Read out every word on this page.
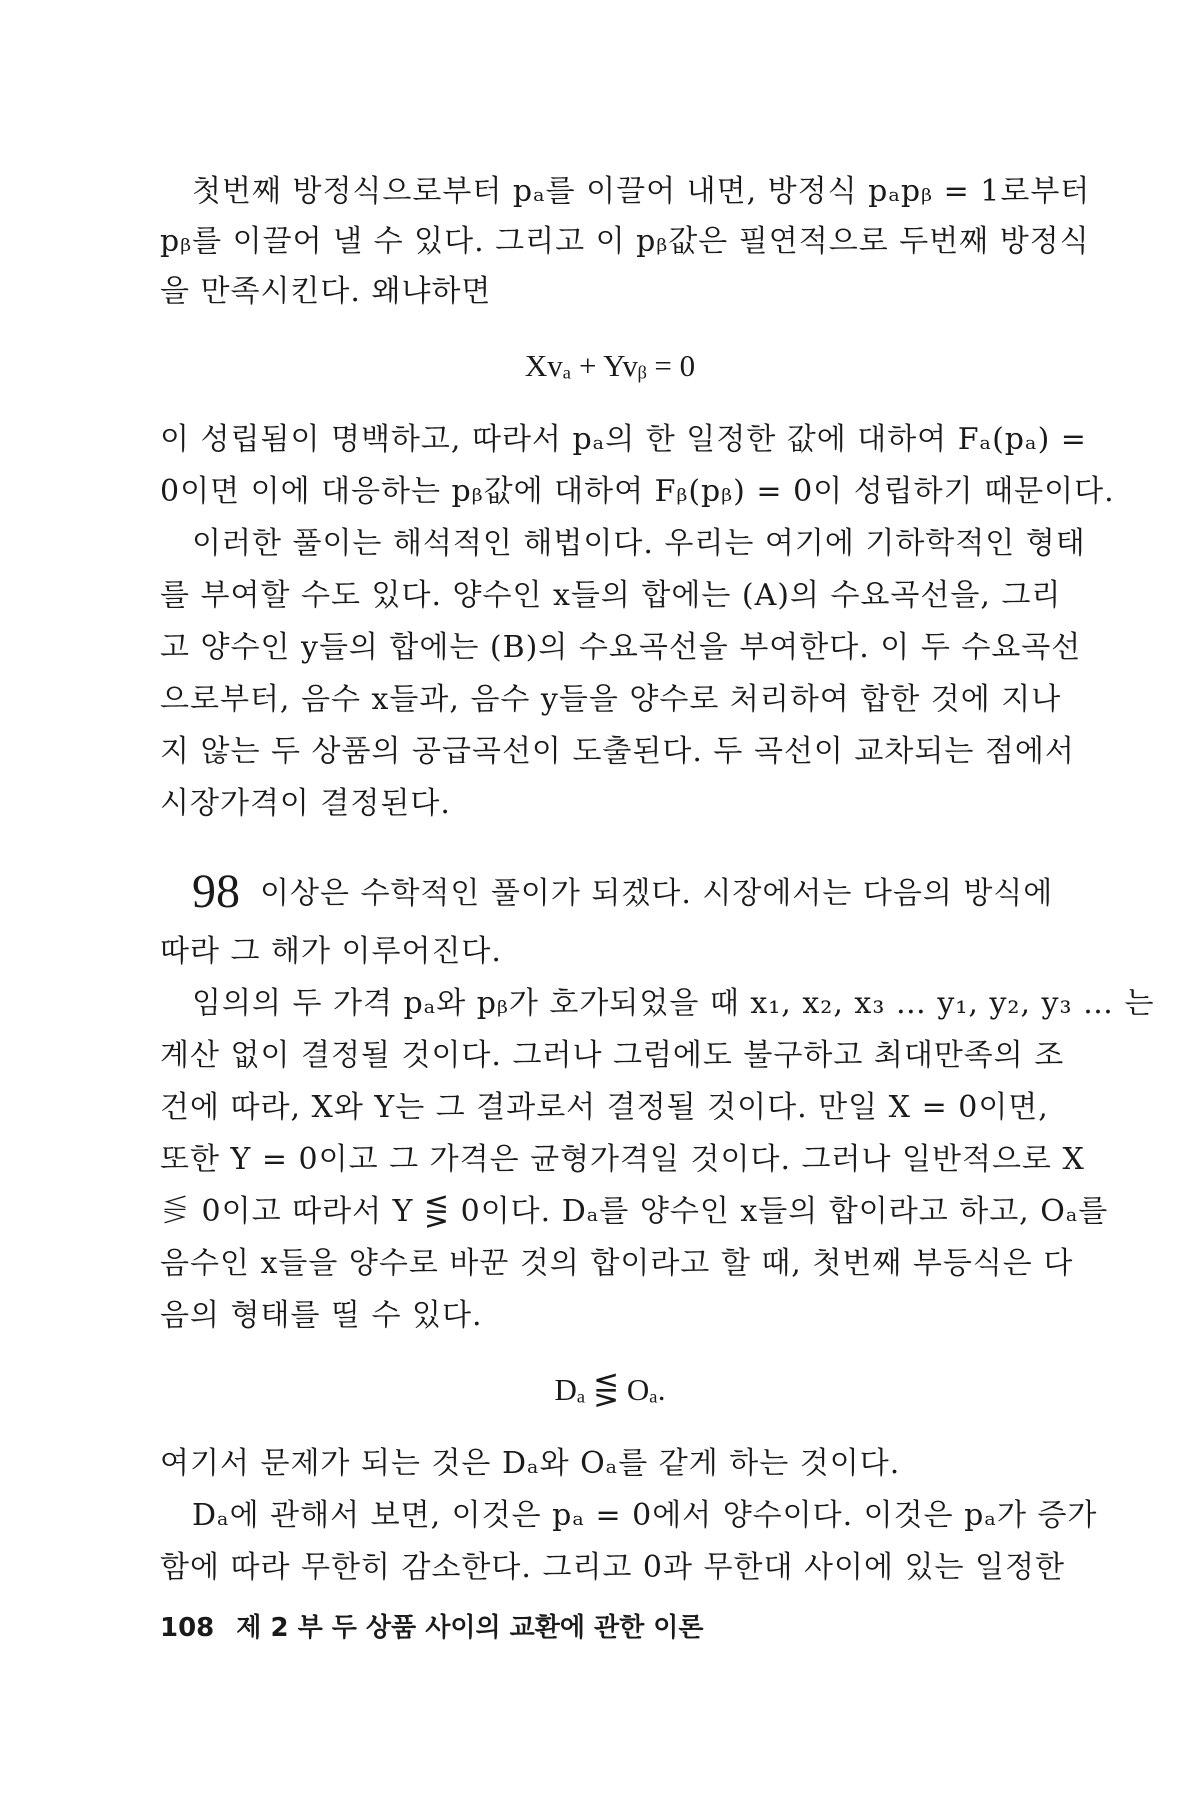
첫번째 방정식으로부터 pₐ를 이끌어 내면, 방정식 pₐpᵦ = 1로부터
pᵦ를 이끌어 낼 수 있다. 그리고 이 pᵦ값은 필연적으로 두번째 방정식
을 만족시킨다. 왜냐하면
Xvₐ + Yvᵦ = 0
이 성립됨이 명백하고, 따라서 pₐ의 한 일정한 값에 대하여 Fₐ(pₐ) =
0이면 이에 대응하는 pᵦ값에 대하여 Fᵦ(pᵦ) = 0이 성립하기 때문이다.
이러한 풀이는 해석적인 해법이다. 우리는 여기에 기하학적인 형태
를 부여할 수도 있다. 양수인 x들의 합에는 (A)의 수요곡선을, 그리
고 양수인 y들의 합에는 (B)의 수요곡선을 부여한다. 이 두 수요곡선
으로부터, 음수 x들과, 음수 y들을 양수로 처리하여 합한 것에 지나
지 않는 두 상품의 공급곡선이 도출된다. 두 곡선이 교차되는 점에서
시장가격이 결정된다.
98 이상은 수학적인 풀이가 되겠다. 시장에서는 다음의 방식에
따라 그 해가 이루어진다.
임의의 두 가격 pₐ와 pᵦ가 호가되었을 때 x₁, x₂, x₃ … y₁, y₂, y₃ … 는
계산 없이 결정될 것이다. 그러나 그럼에도 불구하고 최대만족의 조
건에 따라, X와 Y는 그 결과로서 결정될 것이다. 만일 X = 0이면,
또한 Y = 0이고 그 가격은 균형가격일 것이다. 그러나 일반적으로 X
⋚ 0이고 따라서 Y ⋚ 0이다. Dₐ를 양수인 x들의 합이라고 하고, Oₐ를
음수인 x들을 양수로 바꾼 것의 합이라고 할 때, 첫번째 부등식은 다
음의 형태를 띨 수 있다.
Dₐ ⋚ Oₐ.
여기서 문제가 되는 것은 Dₐ와 Oₐ를 같게 하는 것이다.
Dₐ에 관해서 보면, 이것은 pₐ = 0에서 양수이다. 이것은 pₐ가 증가
함에 따라 무한히 감소한다. 그리고 0과 무한대 사이에 있는 일정한
108 제 2 부 두 상품 사이의 교환에 관한 이론
